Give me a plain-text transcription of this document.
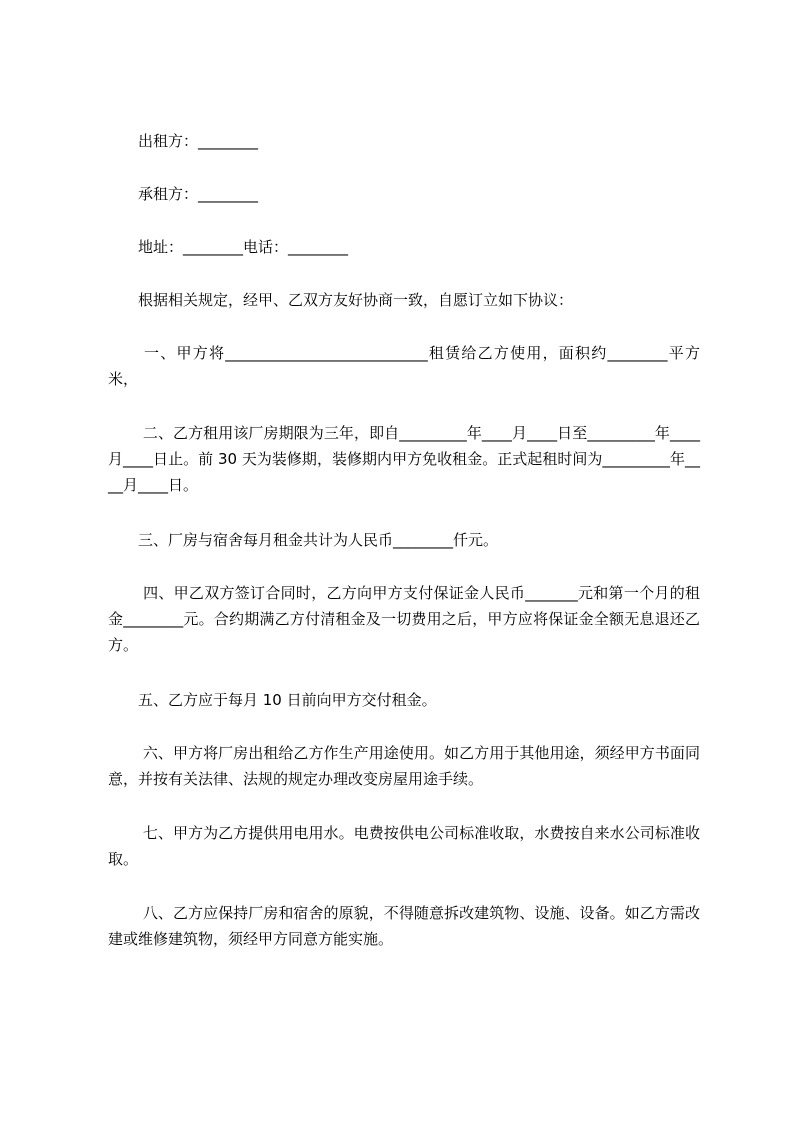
出租方：________

承租方：________

地址：________电话：________

根据相关规定，经甲、乙双方友好协商一致，自愿订立如下协议：

一、甲方将___________________________租赁给乙方使用，面积约________平方米，

二、乙方租用该厂房期限为三年，即自_________年____月____日至_________年____月____日止。前 30 天为装修期，装修期内甲方免收租金。正式起租时间为_________年____月____日。

三、厂房与宿舍每月租金共计为人民币________仟元。

四、甲乙双方签订合同时，乙方向甲方支付保证金人民币_______元和第一个月的租金________元。合约期满乙方付清租金及一切费用之后，甲方应将保证金全额无息退还乙方。

五、乙方应于每月 10 日前向甲方交付租金。

六、甲方将厂房出租给乙方作生产用途使用。如乙方用于其他用途，须经甲方书面同意，并按有关法律、法规的规定办理改变房屋用途手续。

七、甲方为乙方提供用电用水。电费按供电公司标准收取，水费按自来水公司标准收取。

八、乙方应保持厂房和宿舍的原貌，不得随意拆改建筑物、设施、设备。如乙方需改建或维修建筑物，须经甲方同意方能实施。
